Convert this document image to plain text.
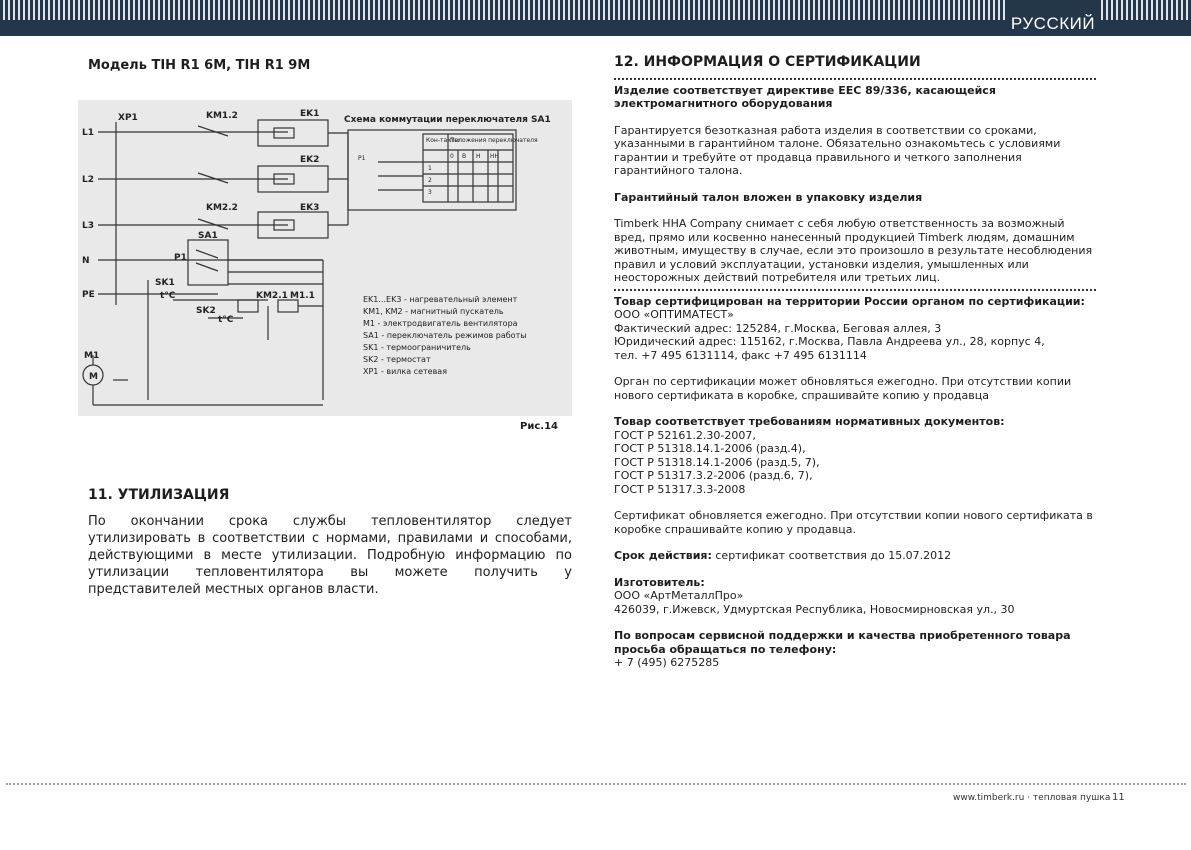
РУССКИЙ

Модель TIH R1 6M, TIH R1 9M

XP1	KM1.2	EK1
EK2
KM2.2	EK3
L1
L2
L3
N
PE
SA1
P1
SK1
t°C
SK2
t°C
KM2.1 M1.1
M1
M
Схема коммутации переключателя SA1
Кон-такты
Положения переключателя
0 В Н НН
1
2
3
P1
EK1...EK3 - нагревательный элемент
KM1, KM2 - магнитный пускатель
M1 - электродвигатель вентилятора
SA1 - переключатель режимов работы
SK1 - термоограничитель
SK2 - термостат
XP1 - вилка сетевая
Рис.14
11. УТИЛИЗАЦИЯ

По окончании срока службы тепловентилятор следует утилизировать в соответствии с нормами, правилами и способами, действующими в месте утилизации. Подробную информацию по утилизации тепловентилятора вы можете получить у представителей местных органов власти.

12. ИНФОРМАЦИЯ О СЕРТИФИКАЦИИ

Изделие соответствует директиве EEC 89/336, касающейся электромагнитного оборудования

Гарантируется безотказная работа изделия в соответствии со сроками, указанными в гарантийном талоне. Обязательно ознакомьтесь с условиями гарантии и требуйте от продавца правильного и четкого заполнения гарантийного талона.

Гарантийный талон вложен в упаковку изделия

Timberk HHA Company снимает с себя любую ответственность за возможный вред, прямо или косвенно нанесенный продукцией Timberk людям, домашним животным, имуществу в случае, если это произошло в результате несоблюдения правил и условий эксплуатации, установки изделия, умышленных или неосторожных действий потребителя или третьих лиц.

Товар сертифицирован на территории России органом по сертификации:

ООО «ОПТИМАТЕСТ»

Фактический адрес: 125284, г.Москва, Беговая аллея, 3

Юридический адрес: 115162, г.Москва, Павла Андреева ул., 28, корпус 4,

тел. +7 495 6131114, факс +7 495 6131114

Орган по сертификации может обновляться ежегодно. При отсутствии копии нового сертификата в коробке, спрашивайте копию у продавца

Товар соответствует требованиям нормативных документов:

ГОСТ Р 52161.2.30-2007,

ГОСТ Р 51318.14.1-2006 (разд.4),

ГОСТ Р 51318.14.1-2006 (разд.5, 7),

ГОСТ Р 51317.3.2-2006 (разд.6, 7),

ГОСТ Р 51317.3.3-2008

Сертификат обновляется ежегодно. При отсутствии копии нового сертификата в коробке спрашивайте копию у продавца.

Срок действия: сертификат соответствия до 15.07.2012

Изготовитель:

ООО «АртМеталлПро»

426039, г.Ижевск, Удмуртская Республика, Новосмирновская ул., 30

По вопросам сервисной поддержки и качества приобретенного товара просьба обращаться по телефону:

+ 7 (495) 6275285

www.timberk.ru · тепловая пушка 11
